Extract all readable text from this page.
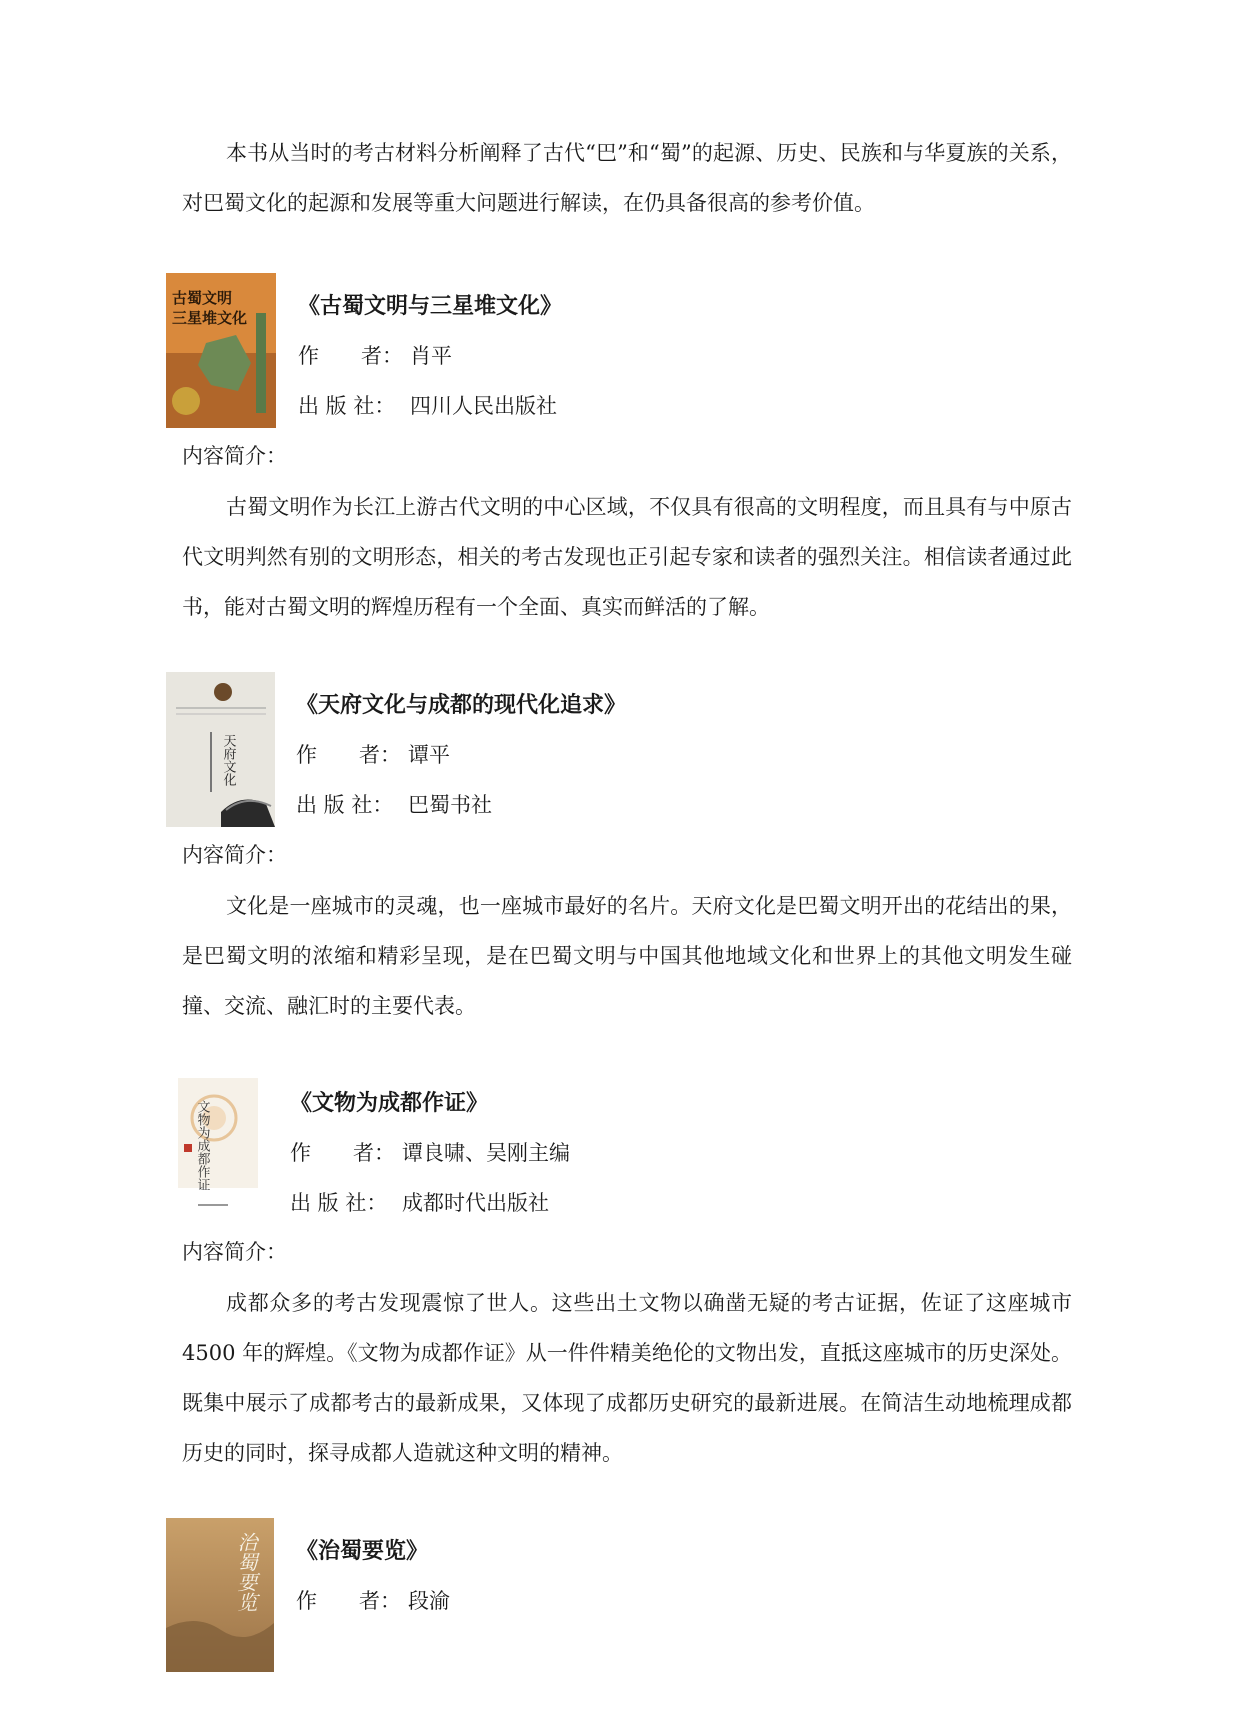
本书从当时的考古材料分析阐释了古代“巴”和“蜀”的起源、历史、民族和与华夏族的关系，对巴蜀文化的起源和发展等重大问题进行解读，在仍具备很高的参考价值。

古蜀文明
三星堆文化 《古蜀文明与三星堆文化》

作　　者： 肖平

出 版 社： 四川人民出版社

内容简介：

古蜀文明作为长江上游古代文明的中心区域，不仅具有很高的文明程度，而且具有与中原古代文明判然有别的文明形态，相关的考古发现也正引起专家和读者的强烈关注。相信读者通过此书，能对古蜀文明的辉煌历程有一个全面、真实而鲜活的了解。

天府文化

《天府文化与成都的现代化追求》

作　　者： 谭平

出 版 社： 巴蜀书社

内容简介：

文化是一座城市的灵魂，也一座城市最好的名片。天府文化是巴蜀文明开出的花结出的果，是巴蜀文明的浓缩和精彩呈现，是在巴蜀文明与中国其他地域文化和世界上的其他文明发生碰撞、交流、融汇时的主要代表。

文物为成都作证	《文物为成都作证》

作　　者： 谭良啸、吴刚主编

出 版 社： 成都时代出版社

内容简介：

成都众多的考古发现震惊了世人。这些出土文物以确凿无疑的考古证据，佐证了这座城市 4500 年的辉煌。《文物为成都作证》从一件件精美绝伦的文物出发，直抵这座城市的历史深处。既集中展示了成都考古的最新成果，又体现了成都历史研究的最新进展。在简洁生动地梳理成都历史的同时，探寻成都人造就这种文明的精神。

治蜀要览 《治蜀要览》

作　　者： 段渝
